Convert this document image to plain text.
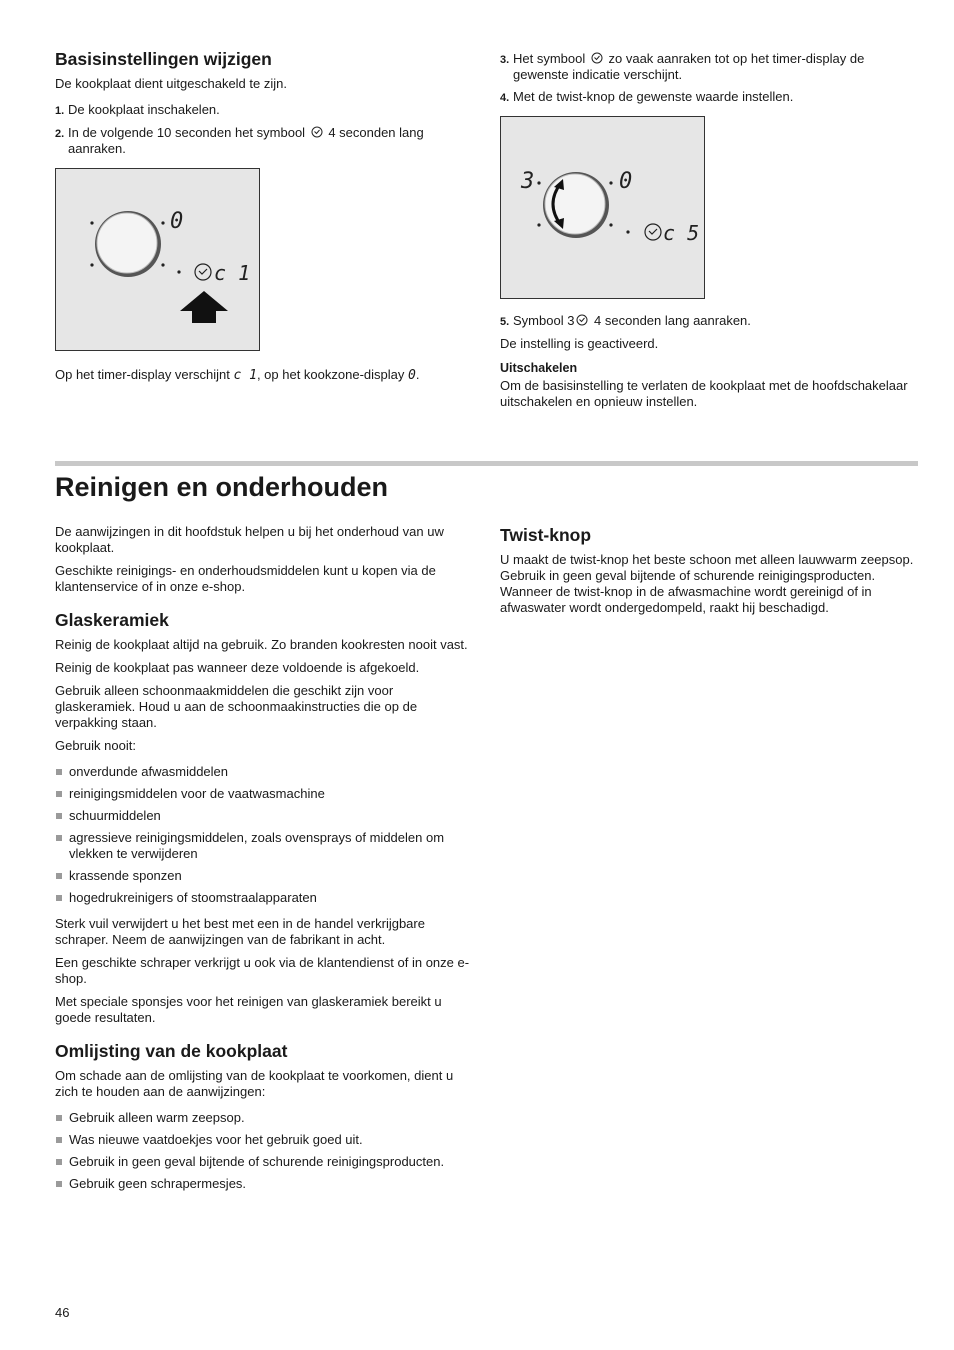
Basisinstellingen wijzigen
De kookplaat dient uitgeschakeld te zijn.
1. De kookplaat inschakelen.
2. In de volgende 10 seconden het symbool 4 seconden lang aanraken.
0
c 1
Op het timer-display verschijnt c 1, op het kookzone-display 0.
3. Het symbool zo vaak aanraken tot op het timer-display de gewenste indicatie verschijnt.
4. Met de twist-knop de gewenste waarde instellen.
3	0
c 5
5. Symbool 3 4 seconden lang aanraken.
De instelling is geactiveerd.
Uitschakelen
Om de basisinstelling te verlaten de kookplaat met de hoofdschakelaar uitschakelen en opnieuw instellen.
Reinigen en onderhouden
De aanwijzingen in dit hoofdstuk helpen u bij het onderhoud van uw kookplaat.
Geschikte reinigings- en onderhoudsmiddelen kunt u kopen via de klantenservice of in onze e-shop.
Glaskeramiek
Reinig de kookplaat altijd na gebruik. Zo branden kookresten nooit vast.
Reinig de kookplaat pas wanneer deze voldoende is afgekoeld.
Gebruik alleen schoonmaakmiddelen die geschikt zijn voor glaskeramiek. Houd u aan de schoonmaakinstructies die op de verpakking staan.
Gebruik nooit:
onverdunde afwasmiddelen
reinigingsmiddelen voor de vaatwasmachine
schuurmiddelen
agressieve reinigingsmiddelen, zoals ovensprays of middelen om vlekken te verwijderen
krassende sponzen
hogedrukreinigers of stoomstraalapparaten
Sterk vuil verwijdert u het best met een in de handel verkrijgbare schraper. Neem de aanwijzingen van de fabrikant in acht.
Een geschikte schraper verkrijgt u ook via de klantendienst of in onze e-shop.
Met speciale sponsjes voor het reinigen van glaskeramiek bereikt u goede resultaten.
Omlijsting van de kookplaat
Om schade aan de omlijsting van de kookplaat te voorkomen, dient u zich te houden aan de aanwijzingen:
Gebruik alleen warm zeepsop.
Was nieuwe vaatdoekjes voor het gebruik goed uit.
Gebruik in geen geval bijtende of schurende reinigingsproducten.
Gebruik geen schrapermesjes.
Twist-knop
U maakt de twist-knop het beste schoon met alleen lauwwarm zeepsop. Gebruik in geen geval bijtende of schurende reinigingsproducten. Wanneer de twist-knop in de afwasmachine wordt gereinigd of in afwaswater wordt ondergedompeld, raakt hij beschadigd.
46
